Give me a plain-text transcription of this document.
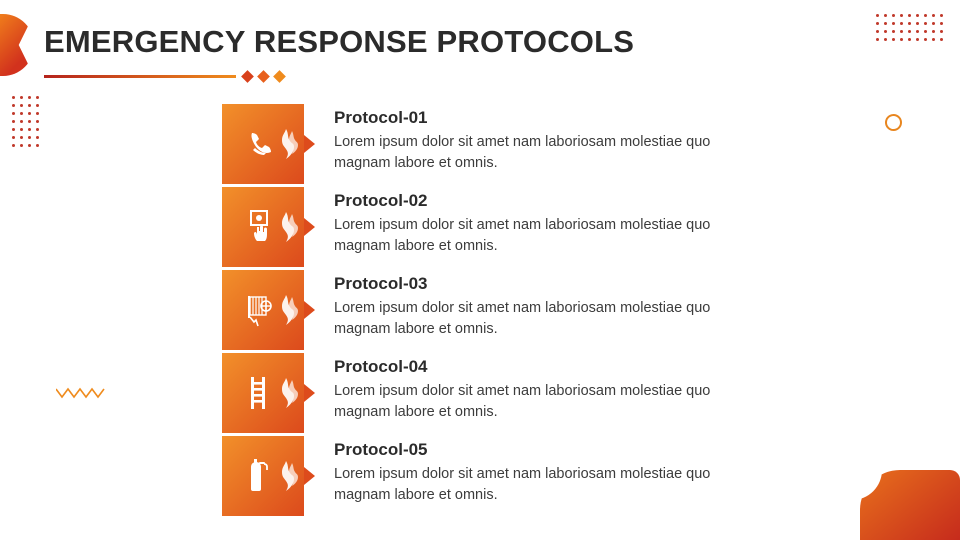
EMERGENCY RESPONSE PROTOCOLS

Protocol-01

Lorem ipsum dolor sit amet nam laboriosam molestiae quo magnam labore et omnis.

Protocol-02

Lorem ipsum dolor sit amet nam laboriosam molestiae quo magnam labore et omnis.

Protocol-03

Lorem ipsum dolor sit amet nam laboriosam molestiae quo magnam labore et omnis.

Protocol-04

Lorem ipsum dolor sit amet nam laboriosam molestiae quo magnam labore et omnis.

Protocol-05

Lorem ipsum dolor sit amet nam laboriosam molestiae quo magnam labore et omnis.
